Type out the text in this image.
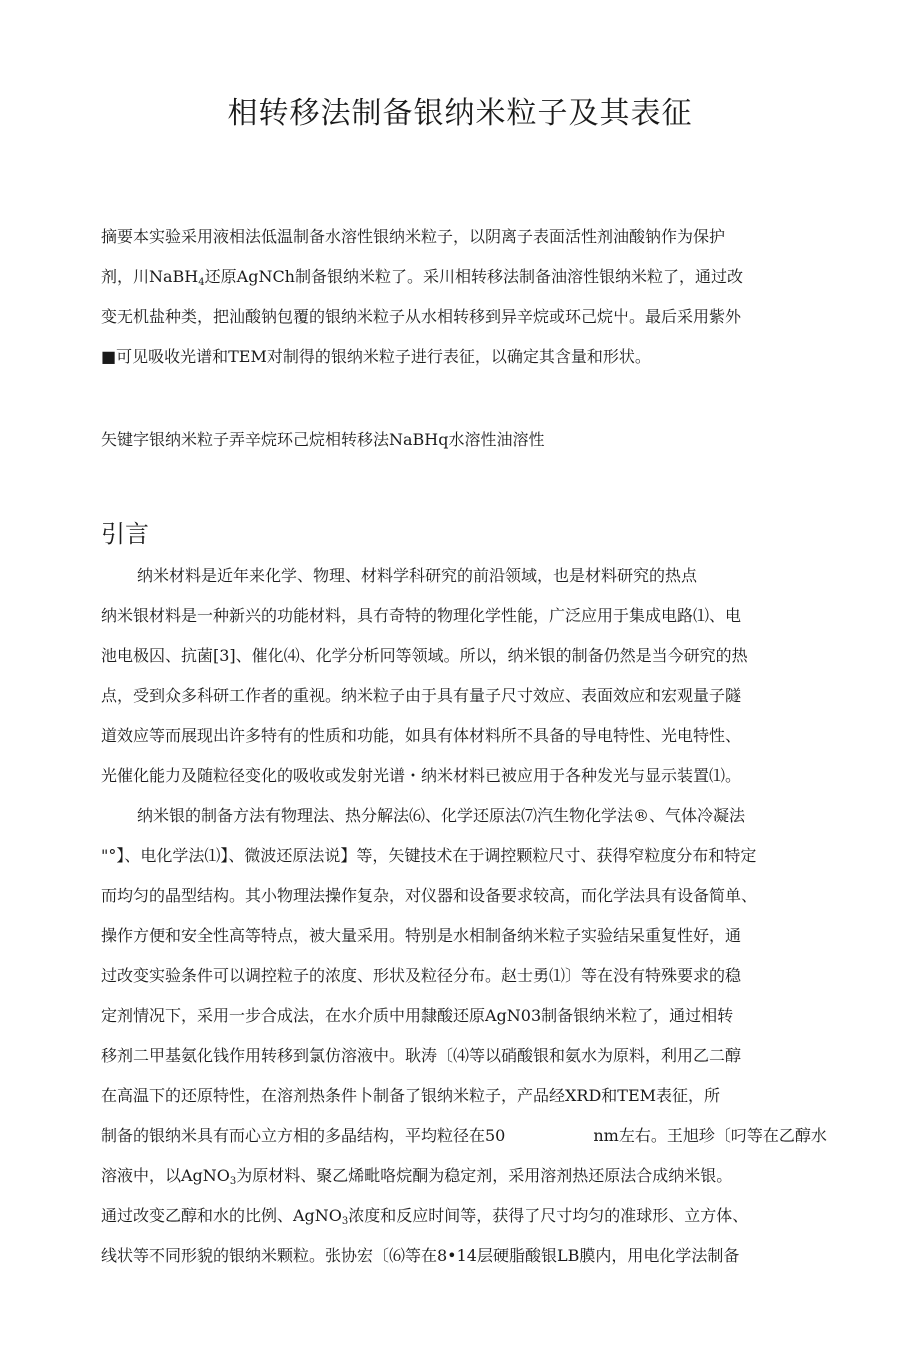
相转移法制备银纳米粒子及其表征
摘要本实验采用液相法低温制备水溶性银纳米粒子，以阴离子表面活性剂油酸钠作为保护
剂，川NaBH$_4$还原AgNCh制备银纳米粒了。采川相转移法制备油溶性银纳米粒了，通过改
变无机盐种类，把汕酸钠包覆的银纳米粒子从水相转移到异辛烷或环己烷屮。最后采用紫外
■可见吸收光谱和TEM对制得的银纳米粒子进行表征，以确定其含量和形状。
矢键字银纳米粒子弄辛烷环己烷相转移法NaBHq水溶性油溶性
引言
纳米材料是近年来化学、物理、材料学科研究的前沿领域，也是材料研究的热点
纳米银材料是一种新兴的功能材料，具冇奇特的物理化学性能，广泛应用于集成电路⑴、电
池电极囚、抗菌[3]、催化⑷、化学分析冋等领域。所以，纳米银的制备仍然是当今研究的热
点，受到众多科研工作者的重视。纳米粒子由于具有量子尺寸效应、表面效应和宏观量子隧
道效应等而展现出许多特有的性质和功能，如具有体材料所不具备的导电特性、光电特性、
光催化能力及随粒径变化的吸收或发射光谱・纳米材料已被应用于各种发光与显示装置⑴。
纳米银的制备方法有物理法、热分解法⑹、化学还原法⑺汽生物化学法®、气体冷凝法
"°】、电化学法⑴】、微波还原法说】等，矢键技术在于调控颗粒尺寸、获得窄粒度分布和特定
而均匀的晶型结构。其小物理法操作复杂，对仪器和设备要求较高，而化学法具有设备简单、
操作方便和安全性高等特点，被大量采用。特别是水相制备纳米粒子实验结呆重复性好，通
过改变实验条件可以调控粒子的浓度、形状及粒径分布。赵士勇⑴〕等在没有特殊要求的稳
定剂情况下，采用一步合成法，在水介质中用隸酸还原AgN03制备银纳米粒了，通过相转
移剂二甲基氨化钱作用转移到氯仿溶液中。耿涛〔⑷等以硝酸银和氨水为原料，利用乙二醇
在高温下的还原特性，在溶剂热条件卜制备了银纳米粒子，产品经XRD和TEM表征，所
制备的银纳米具有而心立方相的多晶结构，平均粒径在50	nm左右。王旭珍〔叼等在乙醇水
溶液中，以AgNO$_3$为原材料、聚乙烯毗咯烷酮为稳定剂，采用溶剂热还原法合成纳米银。
通过改变乙醇和水的比例、AgNO$_3$浓度和反应时间等，获得了尺寸均匀的准球形、立方体、
线状等不同形貌的银纳米颗粒。张协宏〔⑹等在8•14层硬脂酸银LB膜内，用电化学法制备
